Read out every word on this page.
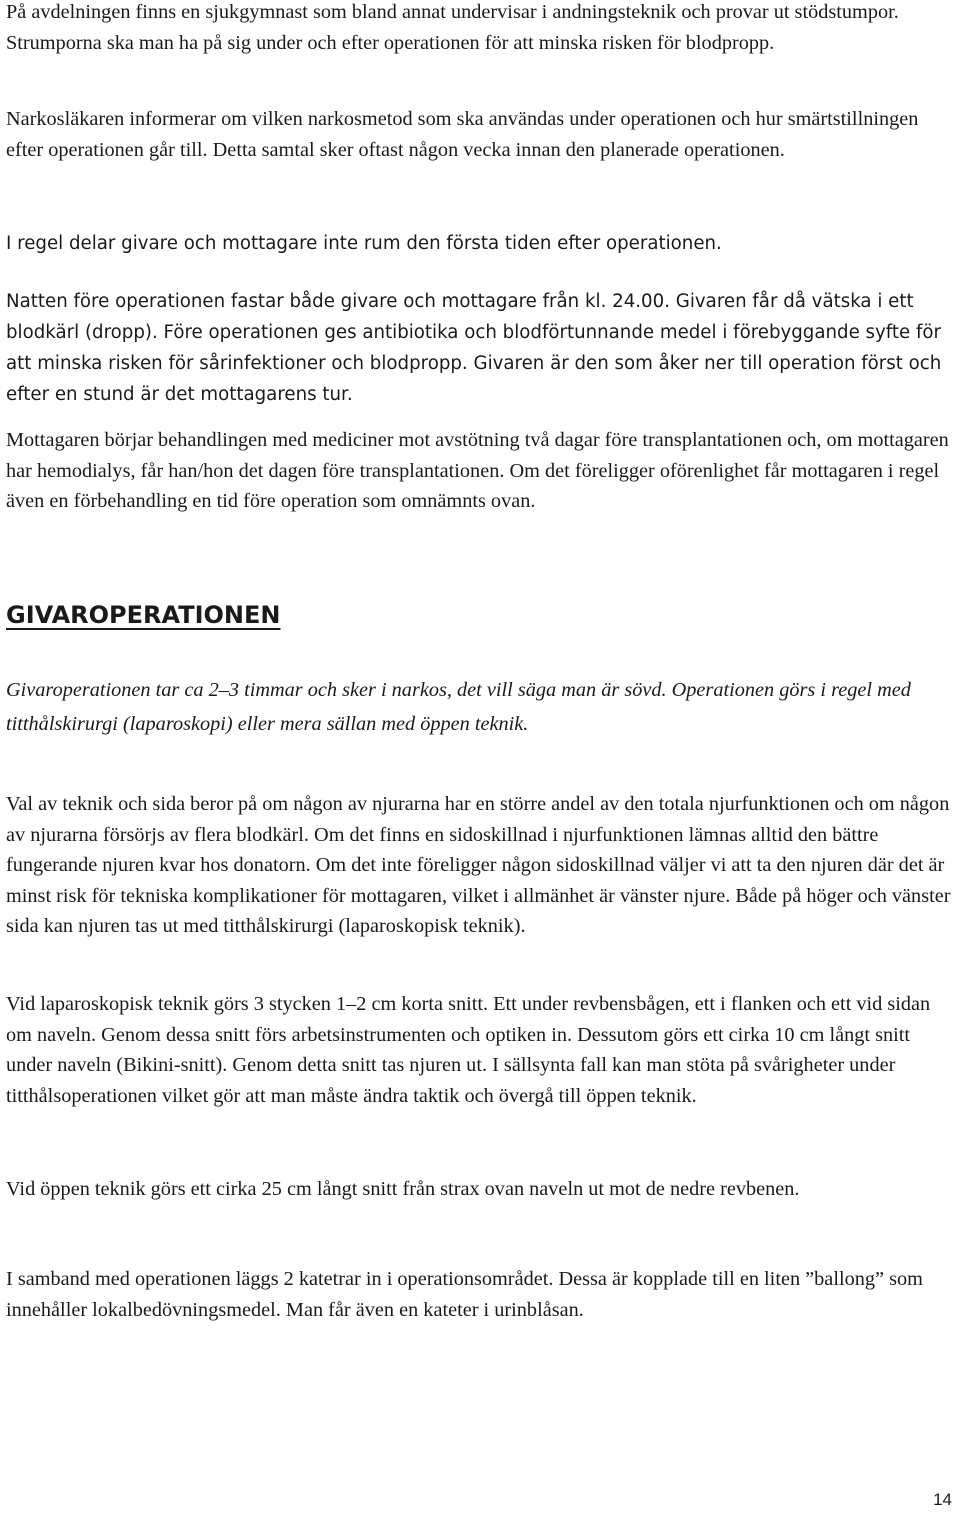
På avdelningen finns en sjukgymnast som bland annat undervisar i andningsteknik och provar ut stödstumpor. Strumporna ska man ha på sig under och efter operationen för att minska risken för blodpropp.

Narkosläkaren informerar om vilken narkosmetod som ska användas under operationen och hur smärtstillningen efter operationen går till. Detta samtal sker oftast någon vecka innan den planerade operationen.

I regel delar givare och mottagare inte rum den första tiden efter operationen.

Natten före operationen fastar både givare och mottagare från kl. 24.00. Givaren får då vätska i ett blodkärl (dropp). Före operationen ges antibiotika och blodförtunnande medel i förebyggande syfte för att minska risken för sårinfektioner och blodpropp. Givaren är den som åker ner till operation först och efter en stund är det mottagarens tur.

Mottagaren börjar behandlingen med mediciner mot avstötning två dagar före transplantationen och, om mottagaren har hemodialys, får han/hon det dagen före transplantationen. Om det föreligger oförenlighet får mottagaren i regel även en förbehandling en tid före operation som omnämnts ovan.

GIVAROPERATIONEN

Givaroperationen tar ca 2–3 timmar och sker i narkos, det vill säga man är sövd. Operationen görs i regel med titthålskirurgi (laparoskopi) eller mera sällan med öppen teknik.

Val av teknik och sida beror på om någon av njurarna har en större andel av den totala njurfunktionen och om någon av njurarna försörjs av flera blodkärl. Om det finns en sidoskillnad i njurfunktionen lämnas alltid den bättre fungerande njuren kvar hos donatorn. Om det inte föreligger någon sidoskillnad väljer vi att ta den njuren där det är minst risk för tekniska komplikationer för mottagaren, vilket i allmänhet är vänster njure. Både på höger och vänster sida kan njuren tas ut med titthålskirurgi (laparoskopisk teknik).

Vid laparoskopisk teknik görs 3 stycken 1–2 cm korta snitt. Ett under revbensbågen, ett i flanken och ett vid sidan om naveln. Genom dessa snitt förs arbetsinstrumenten och optiken in. Dessutom görs ett cirka 10 cm långt snitt under naveln (Bikini-snitt). Genom detta snitt tas njuren ut. I sällsynta fall kan man stöta på svårigheter under titthålsoperationen vilket gör att man måste ändra taktik och övergå till öppen teknik.

Vid öppen teknik görs ett cirka 25 cm långt snitt från strax ovan naveln ut mot de nedre revbenen.

I samband med operationen läggs 2 katetrar in i operationsområdet. Dessa är kopplade till en liten ”ballong” som innehåller lokalbedövningsmedel. Man får även en kateter i urinblåsan.

14
